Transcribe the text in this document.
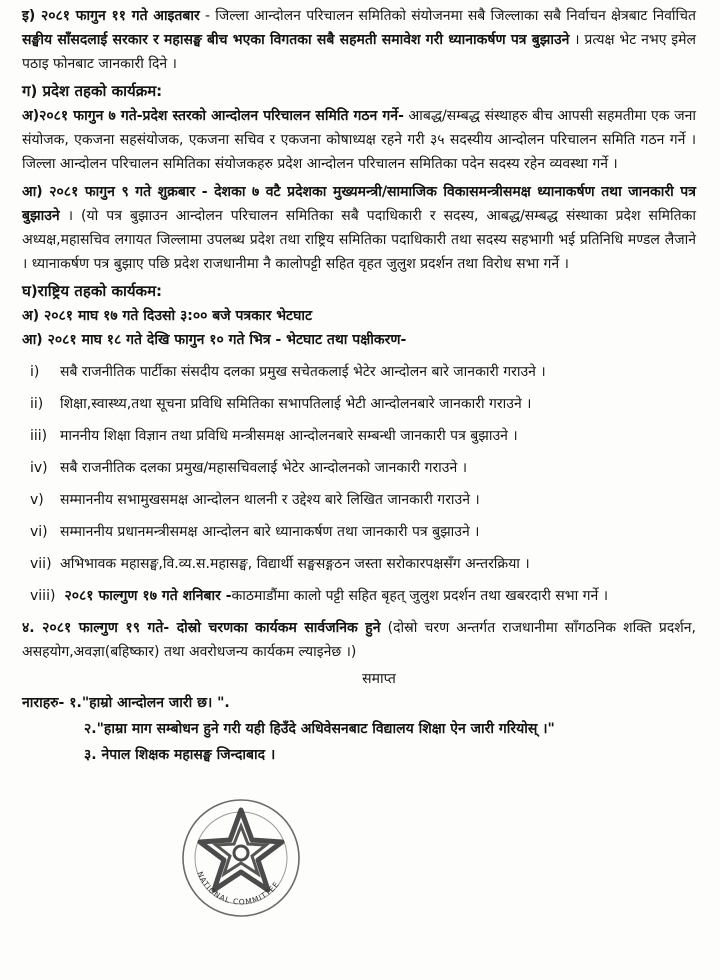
इ) २०८१ फागुन ११ गते आइतबार - जिल्ला आन्दोलन परिचालन समितिको संयोजनमा सबै जिल्लाका सबै निर्वाचन क्षेत्रबाट निर्वाचित सङ्घीय साँसदलाई सरकार र महासङ्घ बीच भएका विगतका सबै सहमती समावेश गरी ध्यानाकर्षण पत्र बुझाउने । प्रत्यक्ष भेट नभए इमेल पठाइ फोनबाट जानकारी दिने ।

ग) प्रदेश तहको कार्यक्रम:

अ)२०८१ फागुन ७ गते-प्रदेश स्तरको आन्दोलन परिचालन समिति गठन गर्ने- आबद्ध/सम्बद्ध संस्थाहरु बीच आपसी सहमतीमा एक जना संयोजक, एकजना सहसंयोजक, एकजना सचिव र एकजना कोषाध्यक्ष रहने गरी ३५ सदस्यीय आन्दोलन परिचालन समिति गठन गर्ने । जिल्ला आन्दोलन परिचालन समितिका संयोजकहरु प्रदेश आन्दोलन परिचालन समितिका पदेन सदस्य रहेन व्यवस्था गर्ने ।

आ) २०८१ फागुन ९ गते शुक्रबार - देशका ७ वटै प्रदेशका मुख्यमन्त्री/सामाजिक विकासमन्त्रीसमक्ष ध्यानाकर्षण तथा जानकारी पत्र बुझाउने । (यो पत्र बुझाउन आन्दोलन परिचालन समितिका सबै पदाधिकारी र सदस्य, आबद्ध/सम्बद्ध संस्थाका प्रदेश समितिका अध्यक्ष,महासचिव लगायत जिल्लामा उपलब्ध प्रदेश तथा राष्ट्रिय समितिका पदाधिकारी तथा सदस्य सहभागी भई प्रतिनिधि मण्डल लैजाने । ध्यानाकर्षण पत्र बुझाए पछि प्रदेश राजधानीमा नै कालोपट्टी सहित वृहत जुलुश प्रदर्शन तथा विरोध सभा गर्ने ।

घ)राष्ट्रिय तहको कार्यकम:

अ) २०८१ माघ १७ गते दिउसो ३:०० बजे पत्रकार भेटघाट

आ) २०८१ माघ १८ गते देखि फागुन १० गते भित्र - भेटघाट तथा पक्षीकरण-

i) सबै राजनीतिक पार्टीका संसदीय दलका प्रमुख सचेतकलाई भेटेर आन्दोलन बारे जानकारी गराउने ।

ii) शिक्षा,स्वास्थ्य,तथा सूचना प्रविधि समितिका सभापतिलाई भेटी आन्दोलनबारे जानकारी गराउने ।

iii) माननीय शिक्षा विज्ञान तथा प्रविधि मन्त्रीसमक्ष आन्दोलनबारे सम्बन्धी जानकारी पत्र बुझाउने ।

iv) सबै राजनीतिक दलका प्रमुख/महासचिवलाई भेटेर आन्दोलनको जानकारी गराउने ।

v) सम्माननीय सभामुखसमक्ष आन्दोलन थालनी र उद्देश्य बारे लिखित जानकारी गराउने ।

vi) सम्माननीय प्रधानमन्त्रीसमक्ष आन्दोलन बारे ध्यानाकर्षण तथा जानकारी पत्र बुझाउने ।

vii) अभिभावक महासङ्घ,वि.व्य.स.महासङ्घ, विद्यार्थी सङ्घसङ्गठन जस्ता सरोकारपक्षसँग अन्तरक्रिया ।

viii) २०८१ फाल्गुण १७ गते शनिबार -काठमाडौंमा कालो पट्टी सहित बृहत् जुलुश प्रदर्शन तथा खबरदारी सभा गर्ने ।

४. २०८१ फाल्गुण १९ गते- दोस्रो चरणका कार्यकम सार्वजनिक हुने (दोस्रो चरण अन्तर्गत राजधानीमा साँगठनिक शक्ति प्रदर्शन, असहयोग,अवज्ञा(बहिष्कार) तथा अवरोधजन्य कार्यकम ल्याइनेछ ।)

समाप्त

नाराहरु- १."हाम्रो आन्दोलन जारी छ। ".

२."हाम्रा माग सम्बोधन हुने गरी यही हिउँदे अधिवेसनबाट विद्यालय शिक्षा ऐन जारी गरियोस् ।"

३. नेपाल शिक्षक महासङ्घ जिन्दाबाद ।

NATIONAL COMMITTEE
